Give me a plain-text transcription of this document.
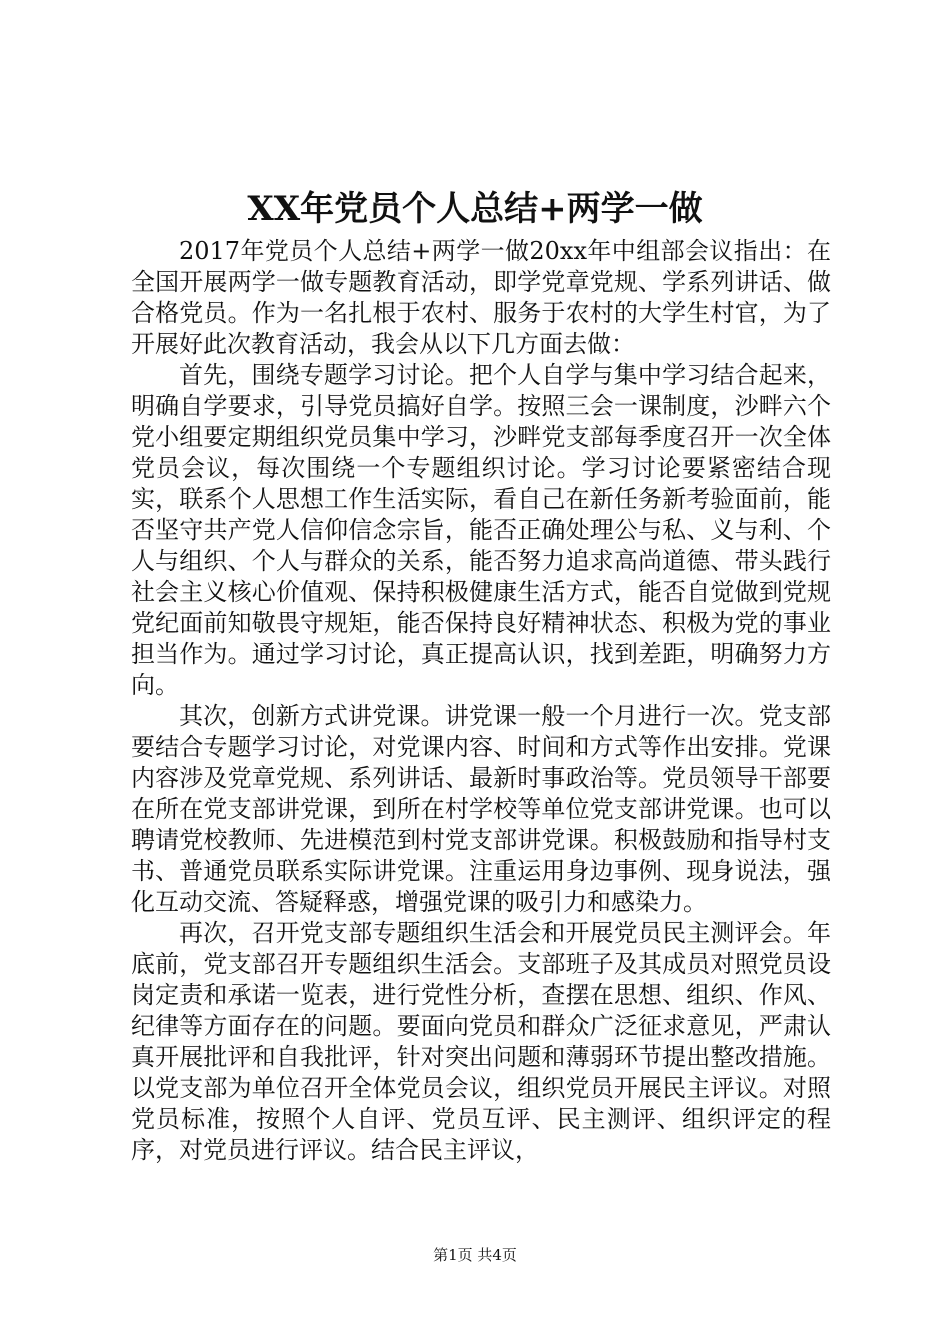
XX年党员个人总结+两学一做

2017年党员个人总结+两学一做20xx年中组部会议指出：在全国开展两学一做专题教育活动，即学党章党规、学系列讲话、做合格党员。作为一名扎根于农村、服务于农村的大学生村官，为了开展好此次教育活动，我会从以下几方面去做：

首先，围绕专题学习讨论。把个人自学与集中学习结合起来，明确自学要求，引导党员搞好自学。按照三会一课制度，沙畔六个党小组要定期组织党员集中学习，沙畔党支部每季度召开一次全体党员会议，每次围绕一个专题组织讨论。学习讨论要紧密结合现实，联系个人思想工作生活实际，看自己在新任务新考验面前，能否坚守共产党人信仰信念宗旨，能否正确处理公与私、义与利、个人与组织、个人与群众的关系，能否努力追求高尚道德、带头践行社会主义核心价值观、保持积极健康生活方式，能否自觉做到党规党纪面前知敬畏守规矩，能否保持良好精神状态、积极为党的事业担当作为。通过学习讨论，真正提高认识，找到差距，明确努力方向。

其次，创新方式讲党课。讲党课一般一个月进行一次。党支部要结合专题学习讨论，对党课内容、时间和方式等作出安排。党课内容涉及党章党规、系列讲话、最新时事政治等。党员领导干部要在所在党支部讲党课，到所在村学校等单位党支部讲党课。也可以聘请党校教师、先进模范到村党支部讲党课。积极鼓励和指导村支书、普通党员联系实际讲党课。注重运用身边事例、现身说法，强化互动交流、答疑释惑，增强党课的吸引力和感染力。

再次，召开党支部专题组织生活会和开展党员民主测评会。年底前，党支部召开专题组织生活会。支部班子及其成员对照党员设岗定责和承诺一览表，进行党性分析，查摆在思想、组织、作风、纪律等方面存在的问题。要面向党员和群众广泛征求意见，严肃认真开展批评和自我批评，针对突出问题和薄弱环节提出整改措施。以党支部为单位召开全体党员会议，组织党员开展民主评议。对照党员标准，按照个人自评、党员互评、民主测评、组织评定的程序，对党员进行评议。结合民主评议，

第1页 共4页
